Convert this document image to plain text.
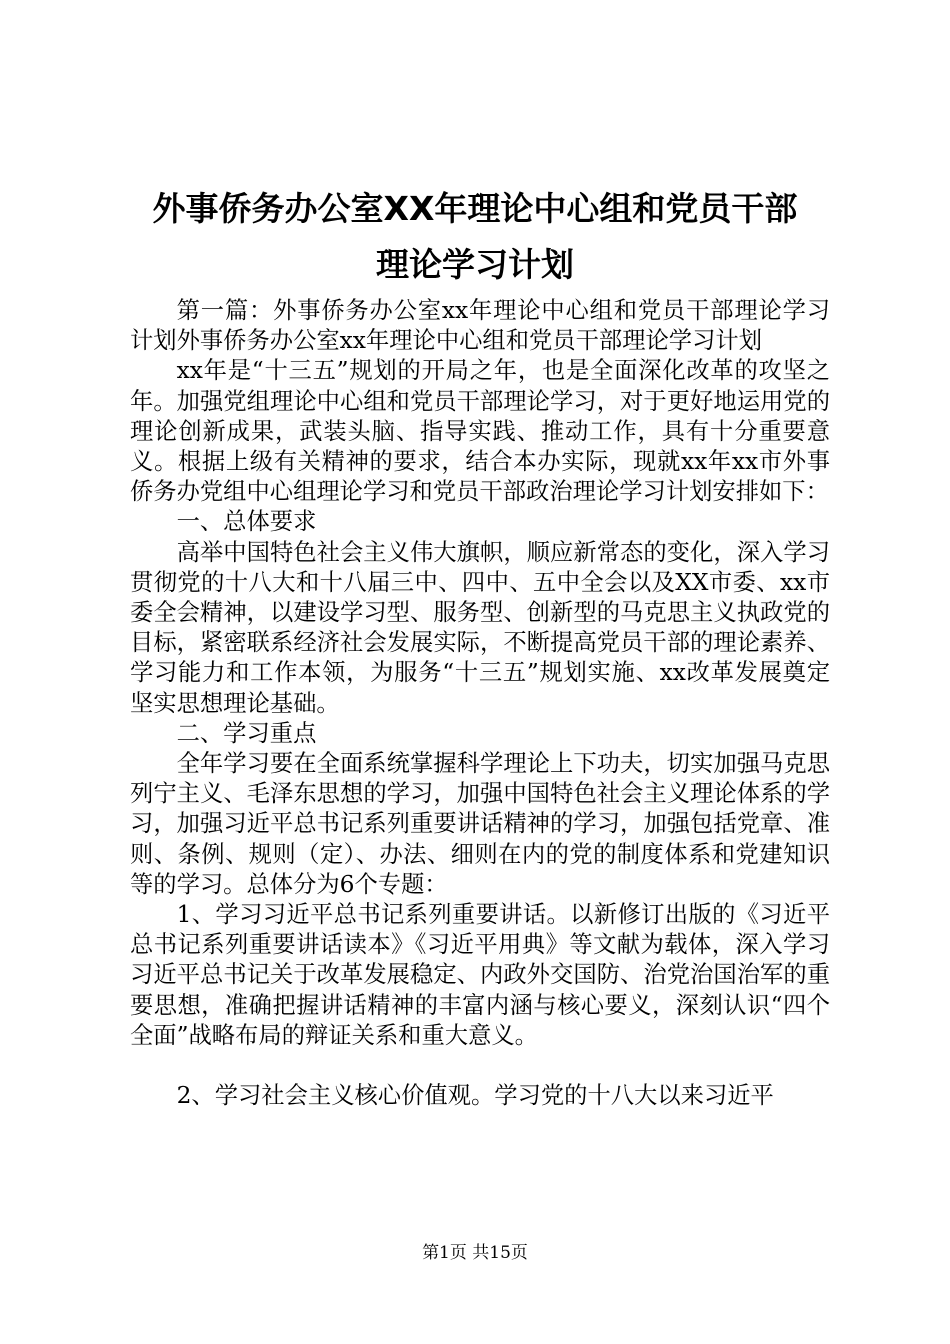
外事侨务办公室XX年理论中心组和党员干部
理论学习计划

第一篇：外事侨务办公室xx年理论中心组和党员干部理论学习计划外事侨务办公室xx年理论中心组和党员干部理论学习计划

xx年是“十三五”规划的开局之年，也是全面深化改革的攻坚之年。加强党组理论中心组和党员干部理论学习，对于更好地运用党的理论创新成果，武装头脑、指导实践、推动工作，具有十分重要意义。根据上级有关精神的要求，结合本办实际，现就xx年xx市外事侨务办党组中心组理论学习和党员干部政治理论学习计划安排如下：

一、总体要求

高举中国特色社会主义伟大旗帜，顺应新常态的变化，深入学习贯彻党的十八大和十八届三中、四中、五中全会以及XX市委、xx市委全会精神，以建设学习型、服务型、创新型的马克思主义执政党的目标，紧密联系经济社会发展实际，不断提高党员干部的理论素养、学习能力和工作本领，为服务“十三五”规划实施、xx改革发展奠定坚实思想理论基础。

二、学习重点

全年学习要在全面系统掌握科学理论上下功夫，切实加强马克思列宁主义、毛泽东思想的学习，加强中国特色社会主义理论体系的学习，加强习近平总书记系列重要讲话精神的学习，加强包括党章、准则、条例、规则（定）、办法、细则在内的党的制度体系和党建知识等的学习。总体分为6个专题：

1、学习习近平总书记系列重要讲话。以新修订出版的《习近平总书记系列重要讲话读本》《习近平用典》等文献为载体，深入学习习近平总书记关于改革发展稳定、内政外交国防、治党治国治军的重要思想，准确把握讲话精神的丰富内涵与核心要义，深刻认识“四个全面”战略布局的辩证关系和重大意义。

2、学习社会主义核心价值观。学习党的十八大以来习近平

第1页 共15页
